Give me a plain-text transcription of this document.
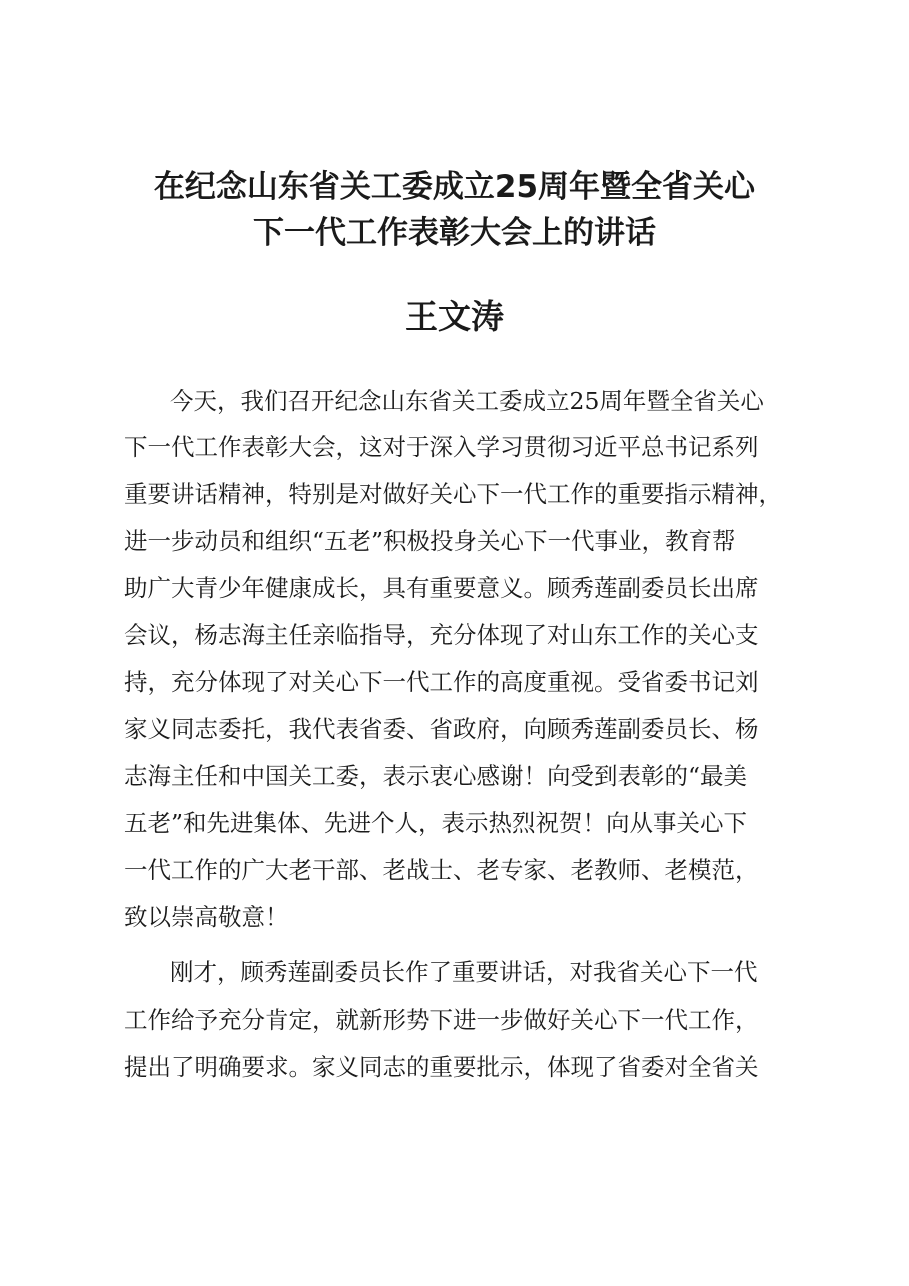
在纪念山东省关工委成立25周年暨全省关心
下一代工作表彰大会上的讲话
王文涛
今天，我们召开纪念山东省关工委成立25周年暨全省关心
下一代工作表彰大会，这对于深入学习贯彻习近平总书记系列
重要讲话精神，特别是对做好关心下一代工作的重要指示精神，
进一步动员和组织“五老”积极投身关心下一代事业，教育帮
助广大青少年健康成长，具有重要意义。顾秀莲副委员长出席
会议，杨志海主任亲临指导，充分体现了对山东工作的关心支
持，充分体现了对关心下一代工作的高度重视。受省委书记刘
家义同志委托，我代表省委、省政府，向顾秀莲副委员长、杨
志海主任和中国关工委，表示衷心感谢！向受到表彰的“最美
五老”和先进集体、先进个人，表示热烈祝贺！向从事关心下
一代工作的广大老干部、老战士、老专家、老教师、老模范，
致以崇高敬意！
刚才，顾秀莲副委员长作了重要讲话，对我省关心下一代
工作给予充分肯定，就新形势下进一步做好关心下一代工作，
提出了明确要求。家义同志的重要批示，体现了省委对全省关
